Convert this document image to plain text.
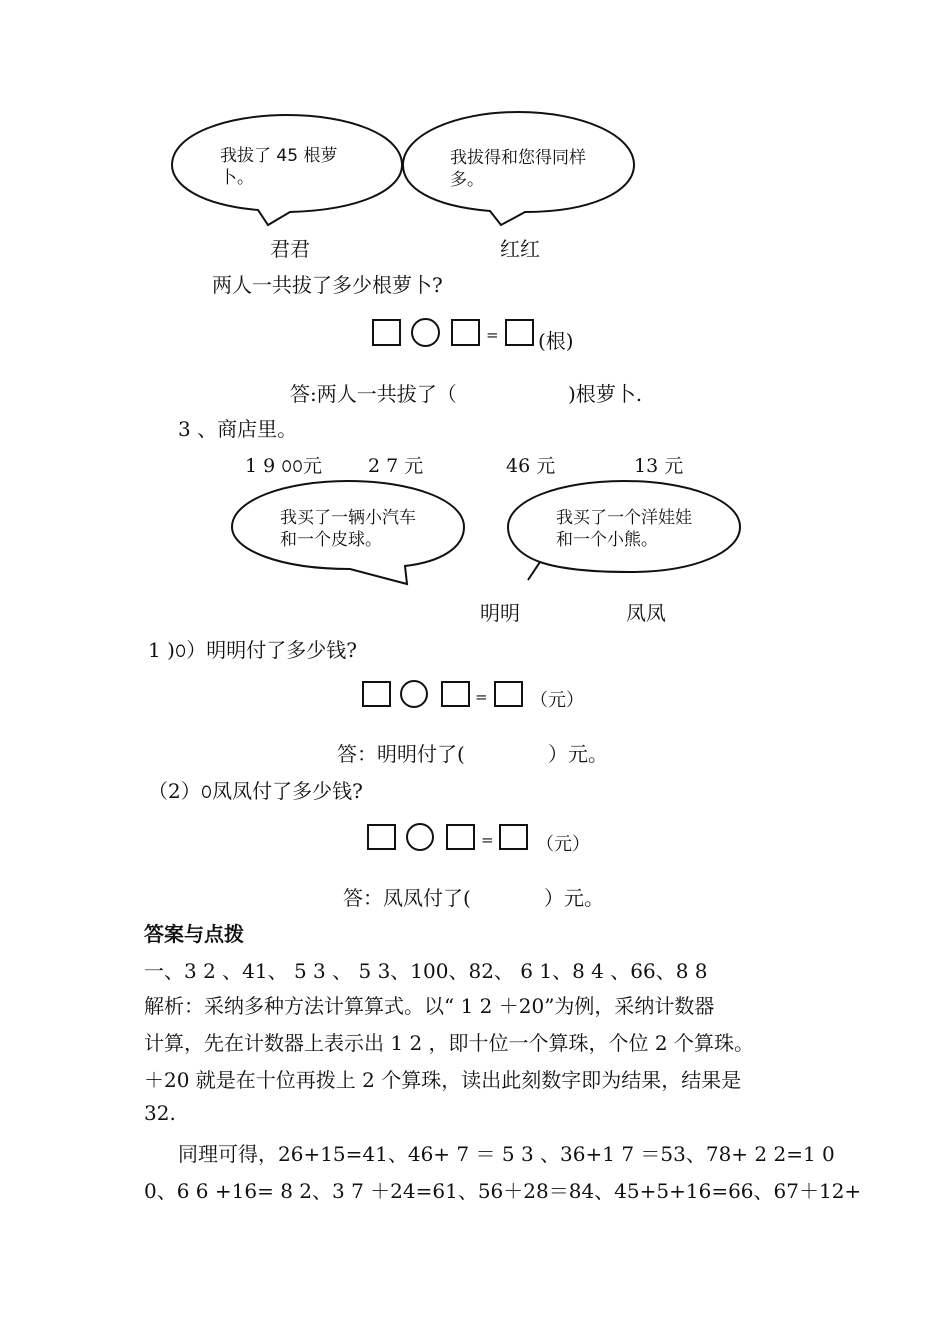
我拔了 45 根萝卜。
我拔得和您得同样多。
君君	红红
两人一共拔了多少根萝卜?
= (根)
答:两人一共拔了（	)根萝卜.
3 、商店里。
1 9 ௦௦元 2 7 元	46 元	13 元
我买了一辆小汽车和一个皮球。
我买了一个洋娃娃和一个小熊。
明明	凤凤
1 )௦）明明付了多少钱?
= （元）
答：明明付了(	）元。
（2）௦凤凤付了多少钱?
= （元）
答：凤凤付了(	）元。
答案与点拨
一、3 2 、41、 5 3 、 5 3、100、82、 6 1、8 4 、66、8 8
解析：采纳多种方法计算算式。以“ 1 2 ＋20”为例，采纳计数器
计算，先在计数器上表示出 1 2 ，即十位一个算珠，个位 2 个算珠。
＋20 就是在十位再拨上 2 个算珠，读出此刻数字即为结果，结果是
32.
同理可得，26+15=41、46+ 7 ＝ 5 3 、36+1 7 ＝53、78+ 2 2=1 0
0、6 6 +16= 8 2、3 7 ＋24=61、56＋28＝84、45+5+16=66、67＋12+
